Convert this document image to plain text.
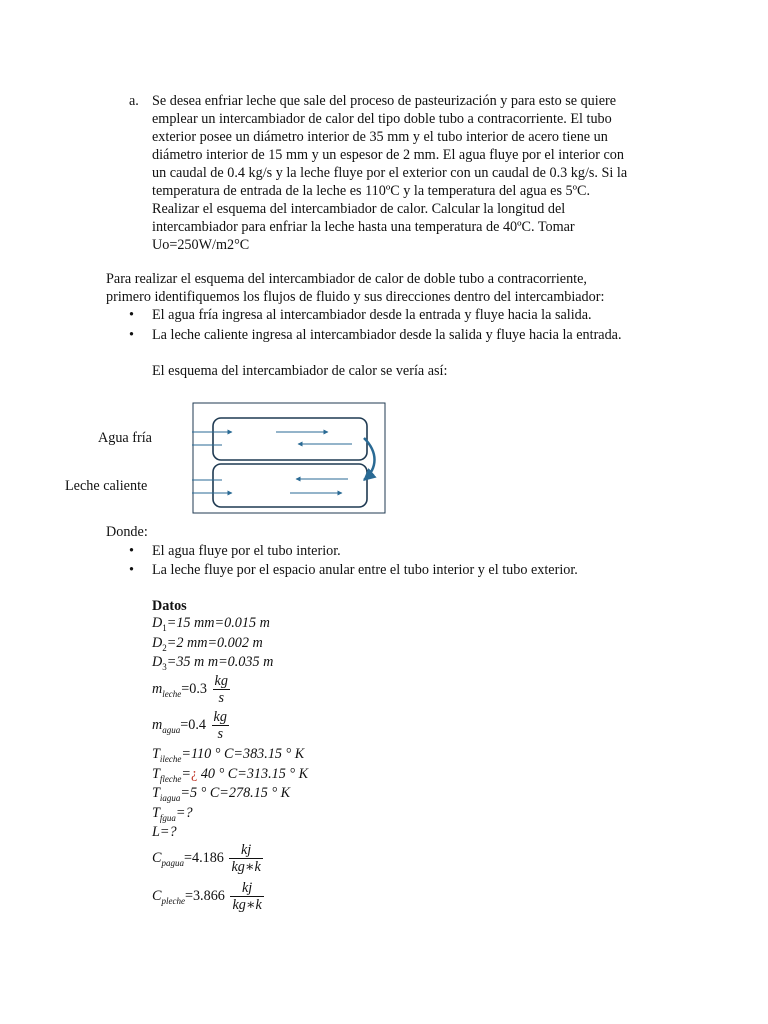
a. Se desea enfriar leche que sale del proceso de pasteurización y para esto se quiere
emplear un intercambiador de calor del tipo doble tubo a contracorriente. El tubo
exterior posee un diámetro interior de 35 mm y el tubo interior de acero tiene un
diámetro interior de 15 mm y un espesor de 2 mm. El agua fluye por el interior con
un caudal de 0.4 kg/s y la leche fluye por el exterior con un caudal de 0.3 kg/s. Si la
temperatura de entrada de la leche es 110ºC y la temperatura del agua es 5ºC.
Realizar el esquema del intercambiador de calor. Calcular la longitud del
intercambiador para enfriar la leche hasta una temperatura de 40ºC. Tomar
Uo=250W/m2°C
Para realizar el esquema del intercambiador de calor de doble tubo a contracorriente,
primero identifiquemos los flujos de fluido y sus direcciones dentro del intercambiador:
•	El agua fría ingresa al intercambiador desde la entrada y fluye hacia la salida.
•	La leche caliente ingresa al intercambiador desde la salida y fluye hacia la entrada.
El esquema del intercambiador de calor se vería así:
Agua fría
Leche caliente
Donde:
•	El agua fluye por el tubo interior.
•	La leche fluye por el espacio anular entre el tubo interior y el tubo exterior.
Datos
$D_1=15$ mm=0.015 m
$D_2=2$ mm=0.002 m
$D_3=35$ m m=0.035 m
$m_{leche}=0.3 \frac{kg}{s}$
$m_{agua}=0.4 \frac{kg}{s}$
$T_{ileche}=110$ ° C=383.15 ° K
$T_{fleche}=¿$ 40 ° C=313.15 ° K
$T_{iagua}=5$ ° C=278.15 ° K
$T_{fgua}=$?
L=?
$C_{pagua}=4.186 \frac{kj}{kg∗k}$
$C_{pleche}=3.866 \frac{kj}{kg∗k}$
